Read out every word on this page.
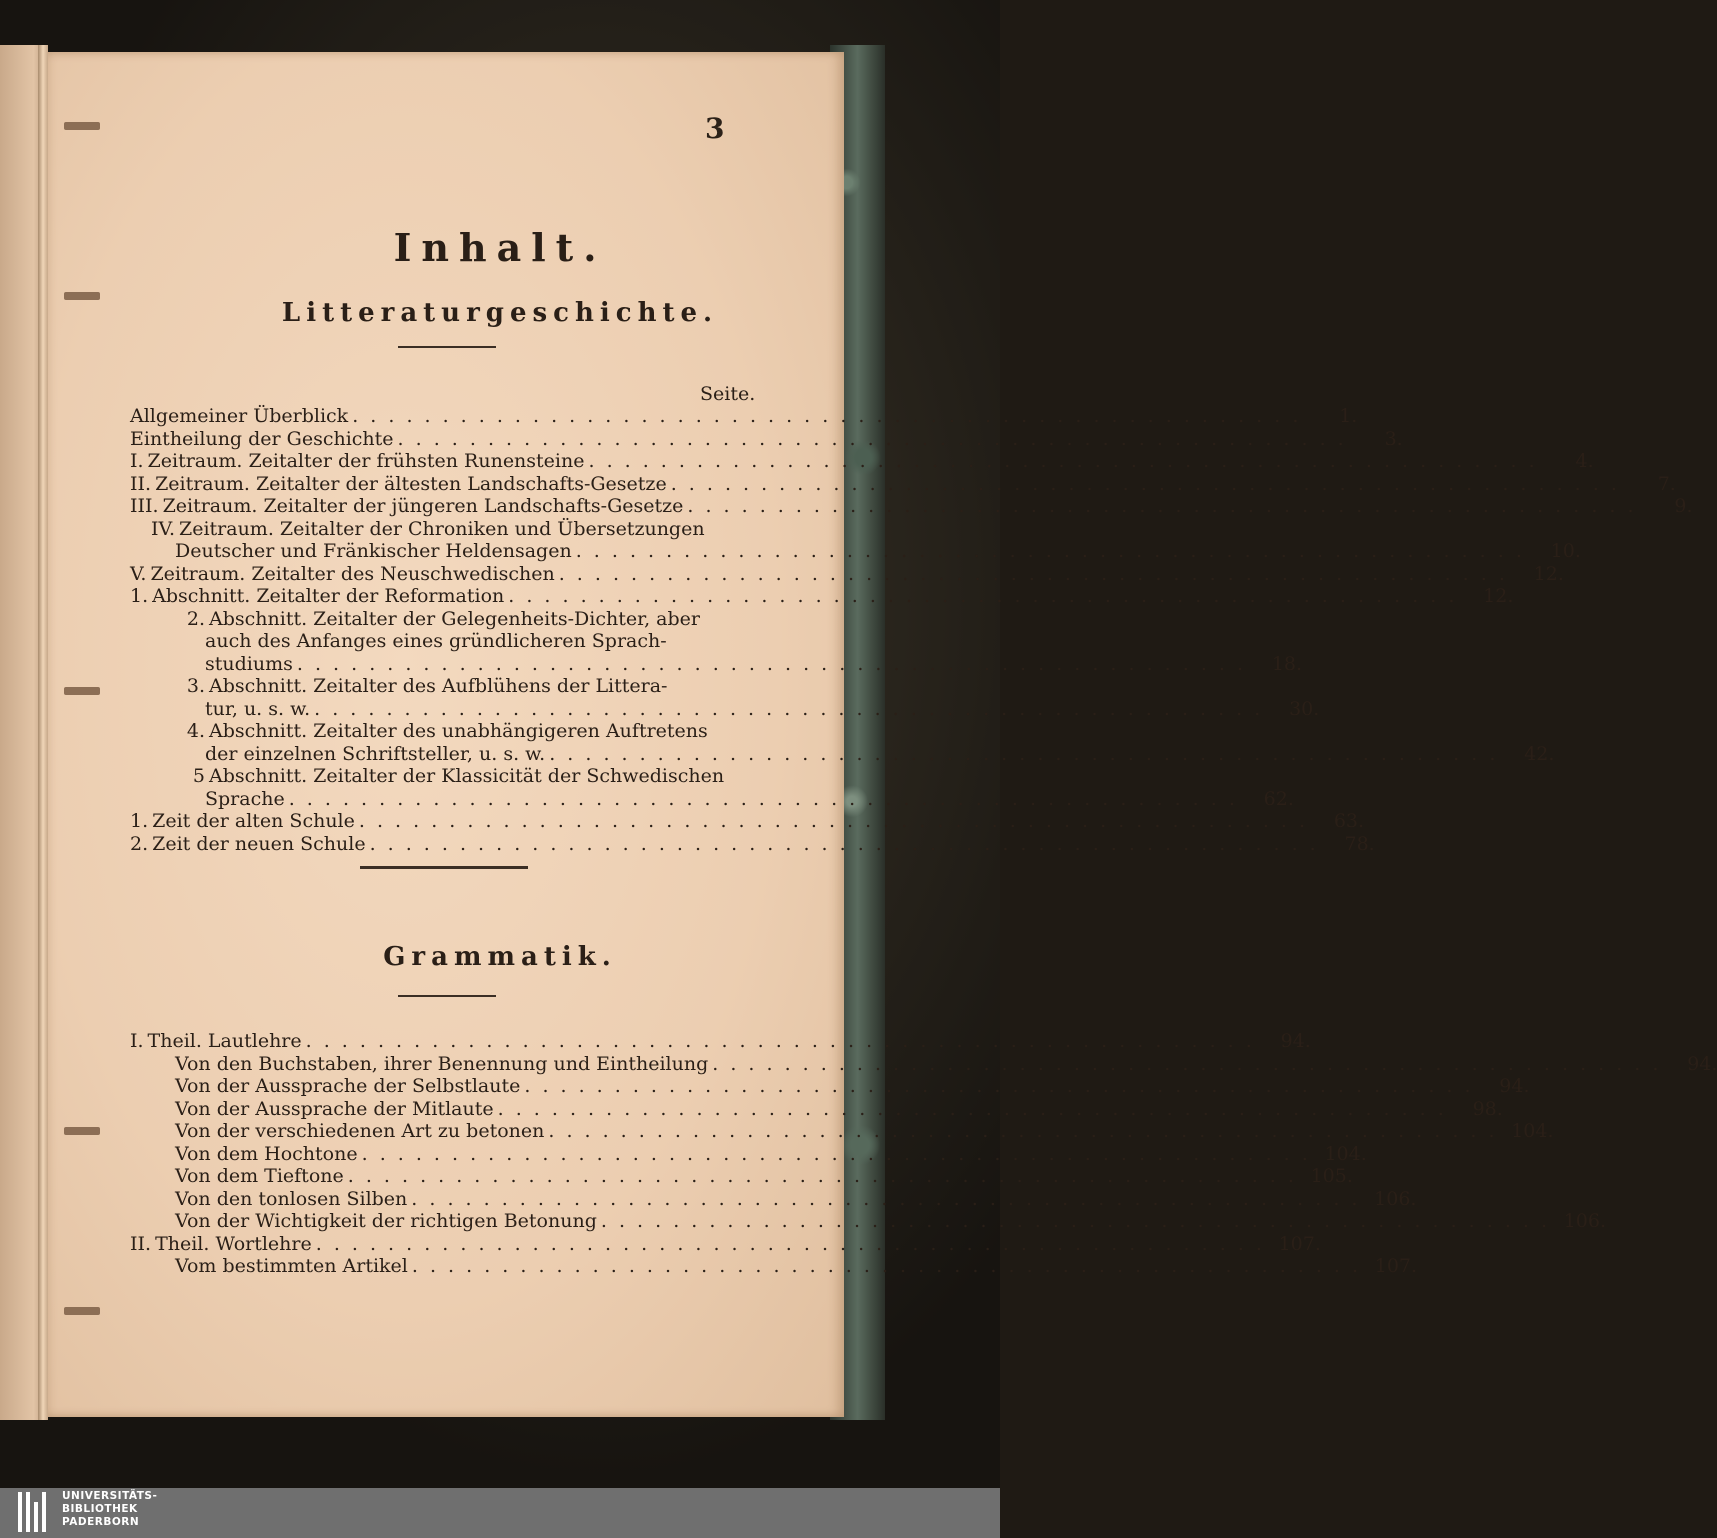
3
Inhalt.
Litteraturgeschichte.
Seite.
Allgemeiner Überblick . . .	1.
Eintheilung der Geschichte . . .	3.
I. Zeitraum. Zeitalter der frühsten Runensteine . . .	4.
II. Zeitraum. Zeitalter der ältesten Landschafts-Gesetze . . .	7.
III. Zeitraum. Zeitalter der jüngeren Landschafts-Gesetze . . .	9.
IV. Zeitraum. Zeitalter der Chroniken und Übersetzungen
Deutscher und Fränkischer Heldensagen . . .	10.
V. Zeitraum. Zeitalter des Neuschwedischen . . .	12.
1. Abschnitt. Zeitalter der Reformation . . .	12.
2. Abschnitt. Zeitalter der Gelegenheits-Dichter, aber
auch des Anfanges eines gründlicheren Sprach-
studiums . . .	18.
3. Abschnitt. Zeitalter des Aufblühens der Littera-
tur, u. s. w. . . .	30.
4. Abschnitt. Zeitalter des unabhängigeren Auftretens
der einzelnen Schriftsteller, u. s. w. . . .	42.
5 Abschnitt. Zeitalter der Klassicität der Schwedischen
Sprache . . .	62.
1. Zeit der alten Schule . . .	63.
2. Zeit der neuen Schule . . .	78.
Grammatik.
I. Theil. Lautlehre . . .	94.
Von den Buchstaben, ihrer Benennung und Eintheilung . . .	94.
Von der Aussprache der Selbstlaute . . .	94.
Von der Aussprache der Mitlaute . . .	98.
Von der verschiedenen Art zu betonen . . .	104.
Von dem Hochtone . . .	104.
Von dem Tieftone . . .	105.
Von den tonlosen Silben . . .	106.
Von der Wichtigkeit der richtigen Betonung . . .	106.
II. Theil. Wortlehre . . .	107.
Vom bestimmten Artikel . . .	107.
UNIVERSITÄTS-
BIBLIOTHEK
PADERBORN
